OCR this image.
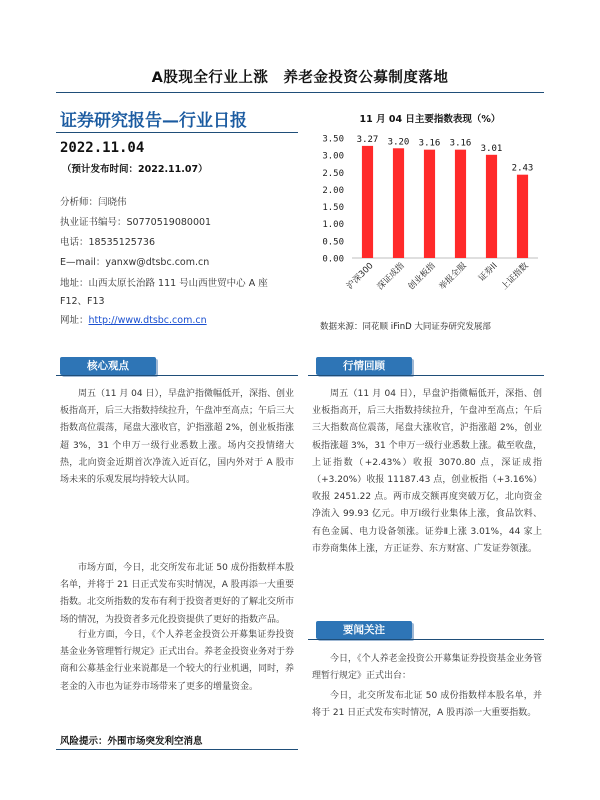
A股现全行业上涨　养老金投资公募制度落地
证券研究报告—行业日报
2022.11.04
（预计发布时间：2022.11.07）
分析师：闫晓伟
执业证书编号：S0770519080001
电话：18535125736
E—mail：yanxw@dtsbc.com.cn
地址：山西太原长治路 111 号山西世贸中心 A 座
F12、F13
网址：http://www.dtsbc.com.cn
11 月 04 日主要指数表现（%）
3.50
3.00
2.50
2.00
1.50
1.00
0.50
0.00
3.27
沪深300
3.20
深证成指
3.16
创业板指
3.16
举报全服
3.01
证券II
2.43
上证指数
数据来源：同花顺 iFinD 大同证券研究发展部
核心观点	行情回顾
要闻关注
周五（11 月 04 日），早盘沪指微幅低开，深指、创业板指高开，后三大指数持续拉升，午盘冲至高点；午后三大指数高位震荡，尾盘大涨收官，沪指涨超 2%，创业板指涨超 3%，31 个申万一级行业悉数上涨。场内交投情绪大热，北向资金近期首次净流入近百亿，国内外对于 A 股市场未来的乐观发展均持较大认同。
市场方面，今日，北交所发布北证 50 成份指数样本股名单，并将于 21 日正式发布实时情况，A 股再添一大重要指数。北交所指数的发布有利于投资者更好的了解北交所市场的情况，为投资者多元化投资提供了更好的指数产品。
行业方面，今日，《个人养老金投资公开募集证券投资基金业务管理暂行规定》正式出台。养老金投资业务对于券商和公募基金行业来说都是一个较大的行业机遇，同时，养老金的入市也为证券市场带来了更多的增量资金。
周五（11 月 04 日），早盘沪指微幅低开，深指、创业板指高开，后三大指数持续拉升，午盘冲至高点；午后三大指数高位震荡，尾盘大涨收官，沪指涨超 2%，创业板指涨超 3%，31 个申万一级行业悉数上涨。截至收盘，上证指数（+2.43%）收报 3070.80 点，深证成指（+3.20%）收报 11187.43 点，创业板指（+3.16%）收报 2451.22 点。两市成交额再度突破万亿，北向资金净流入 99.93 亿元。申万Ⅰ级行业集体上涨，食品饮料、有色金属、电力设备领涨。证券Ⅱ上涨 3.01%，44 家上市券商集体上涨，方正证券、东方财富、广发证券领涨。
今日，《个人养老金投资公开募集证券投资基金业务管理暂行规定》正式出台：
今日，北交所发布北证 50 成份指数样本股名单，并将于 21 日正式发布实时情况，A 股再添一大重要指数。
风险提示：外围市场突发利空消息
